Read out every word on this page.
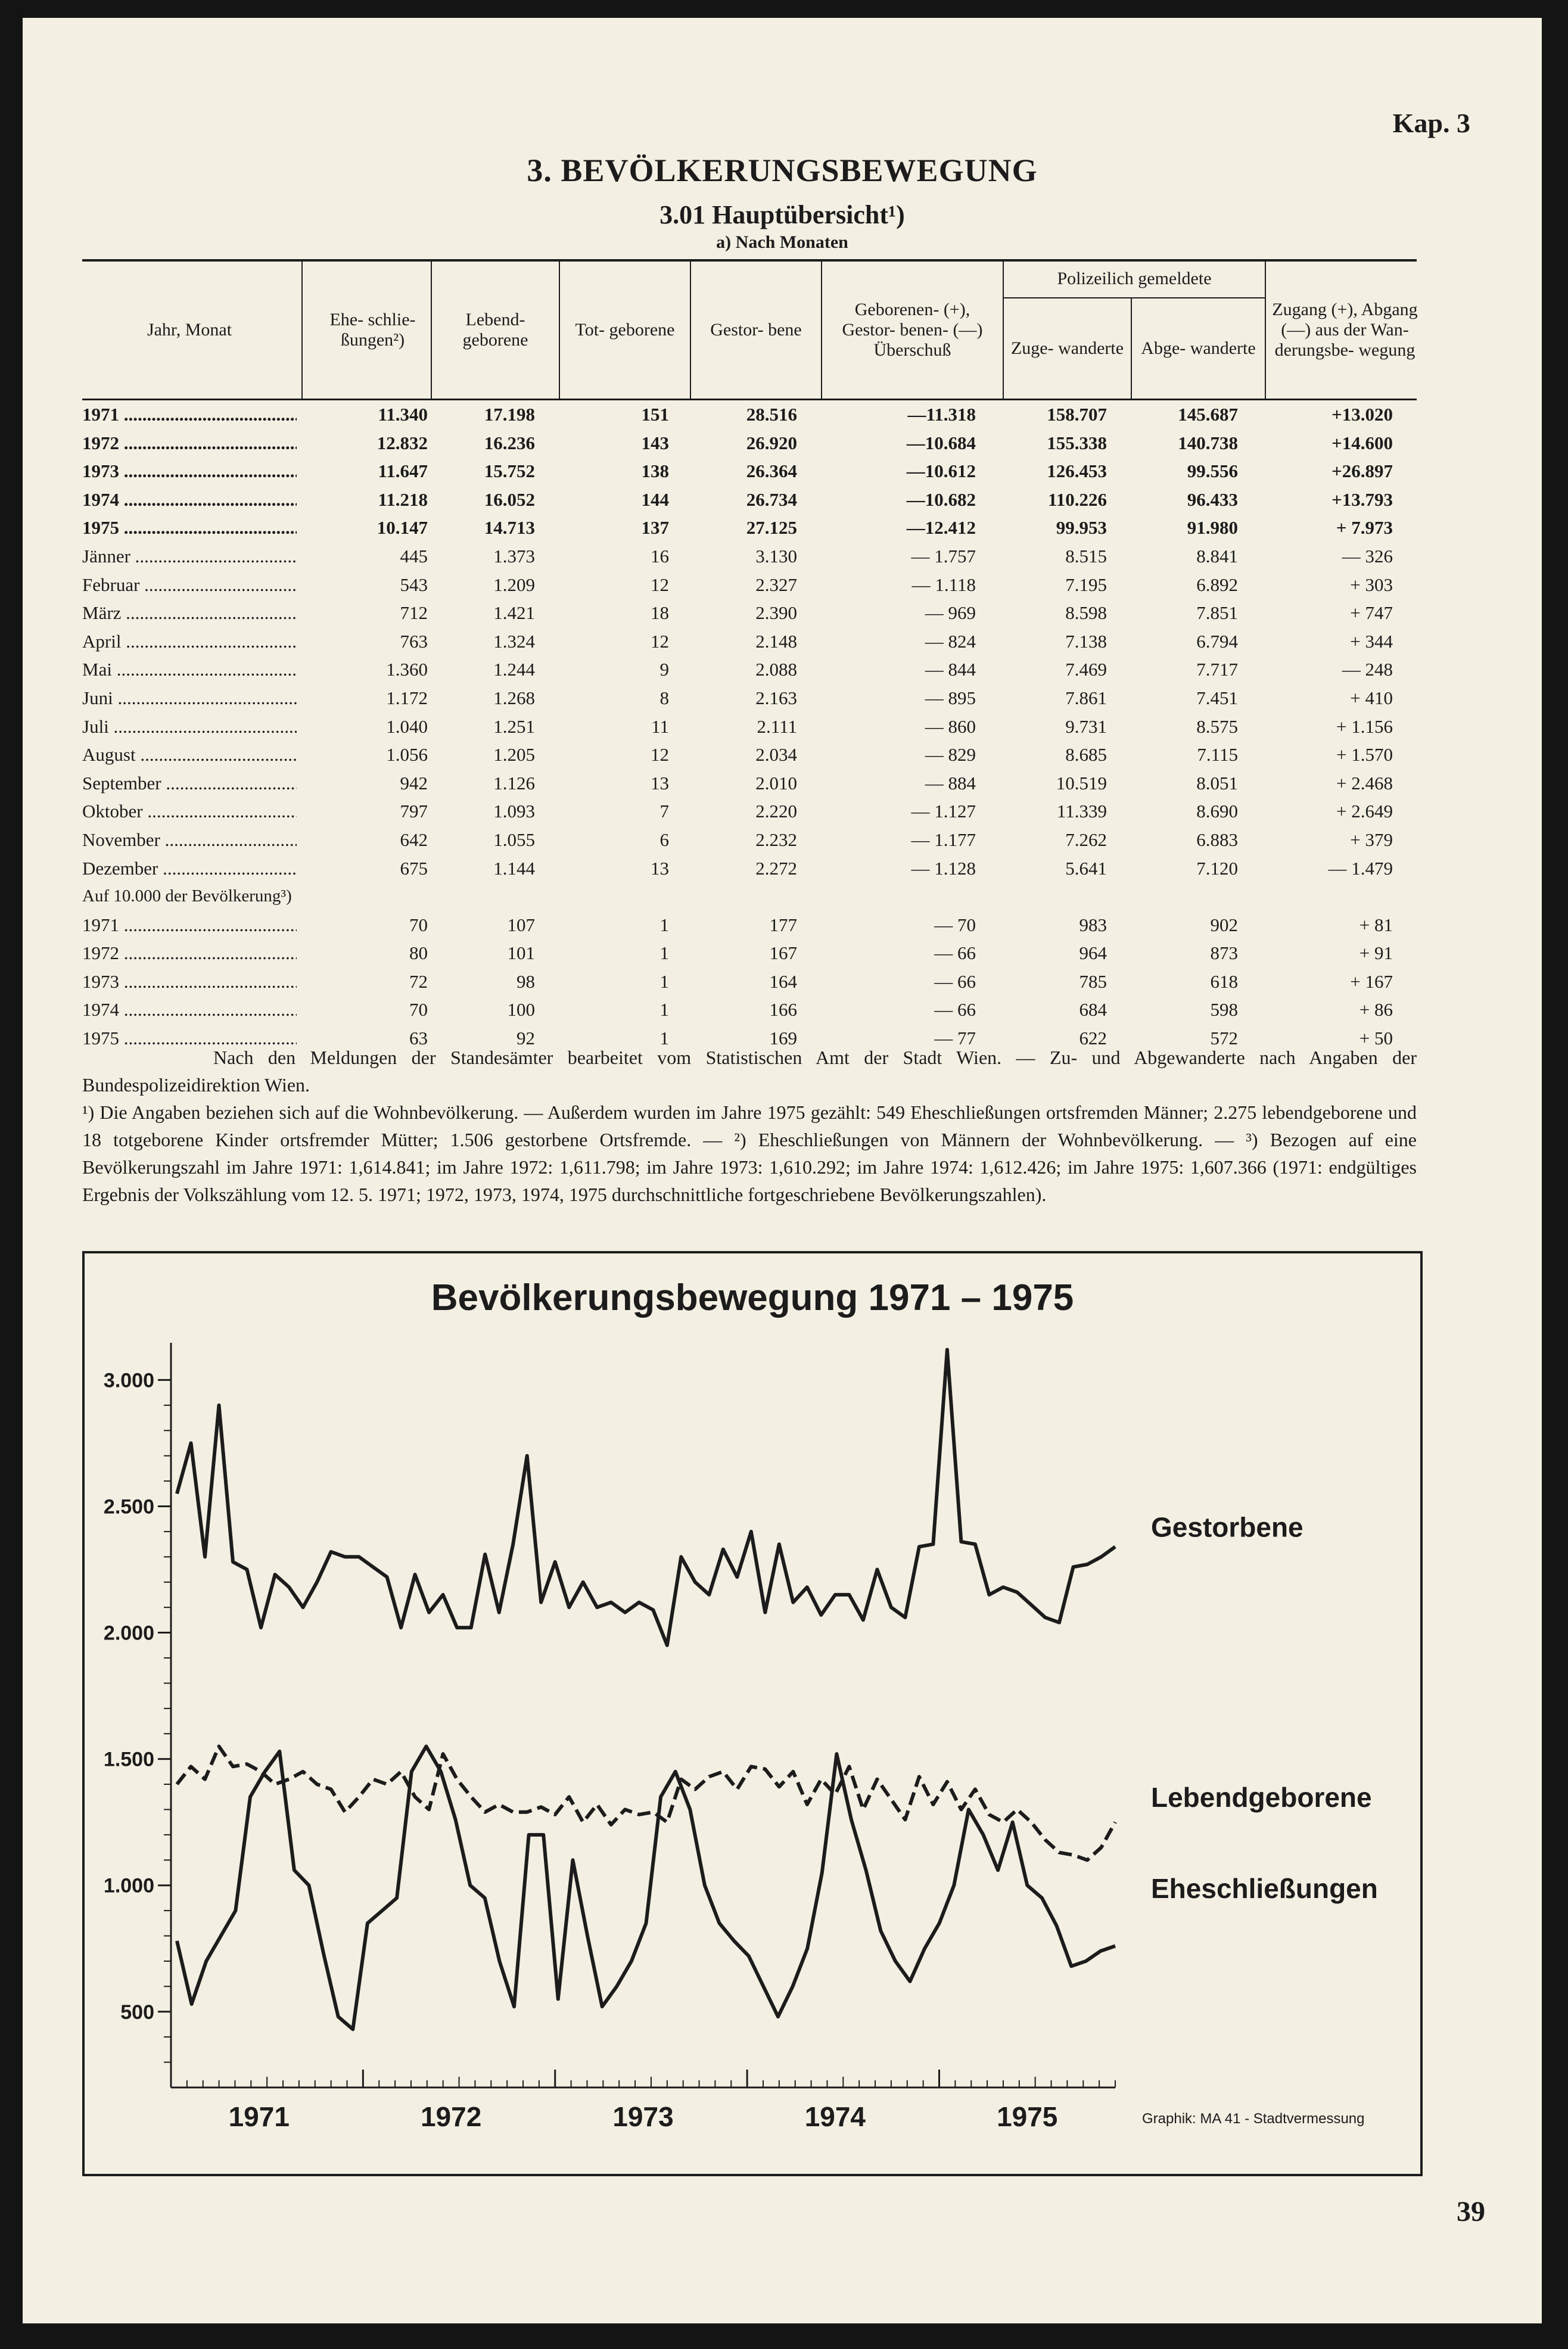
Kap. 3
3. BEVÖLKERUNGSBEWEGUNG
3.01 Hauptübersicht¹)
a) Nach Monaten
Jahr, Monat
Ehe- schlie- ßungen²)
Lebend- geborene
Tot- geborene	Gestor- bene
Geborenen- (+), Gestor- benen- (—) Überschuß
Polizeilich gemeldete
Zuge- wanderte Abge- wanderte
Zugang (+), Abgang (—) aus der Wan- derungsbe- wegung
1971 .....	11.340	17.198	151	28.516	—11.318	158.707	145.687	+13.020
1972 .....	12.832	16.236	143	26.920	—10.684	155.338	140.738	+14.600
1973 .....	11.647	15.752	138	26.364	—10.612	126.453	99.556	+26.897
1974 .....	11.218	16.052	144	26.734	—10.682	110.226	96.433	+13.793
1975 .....	10.147	14.713	137	27.125	—12.412	99.953	91.980	+ 7.973
Jänner .....	445	1.373	16	3.130	— 1.757	8.515	8.841	— 326
Februar .....	543	1.209	12	2.327	— 1.118	7.195	6.892	+ 303
März .....	712	1.421	18	2.390	— 969	8.598	7.851	+ 747
April .....	763	1.324	12	2.148	— 824	7.138	6.794	+ 344
Mai .....	1.360	1.244	9	2.088	— 844	7.469	7.717	— 248
Juni .....	1.172	1.268	8	2.163	— 895	7.861	7.451	+ 410
Juli .....	1.040	1.251	11	2.111	— 860	9.731	8.575	+ 1.156
August .....	1.056	1.205	12	2.034	— 829	8.685	7.115	+ 1.570
September .....	942	1.126	13	2.010	— 884	10.519	8.051	+ 2.468
Oktober .....	797	1.093	7	2.220	— 1.127	11.339	8.690	+ 2.649
November .....	642	1.055	6	2.232	— 1.177	7.262	6.883	+ 379
Dezember .....	675	1.144	13	2.272	— 1.128	5.641	7.120	— 1.479
Auf 10.000 der Bevölkerung³)
1971 .....	70	107	1	177	— 70	983	902	+ 81
1972 .....	80	101	1	167	— 66	964	873	+ 91
1973 .....	72	98	1	164	— 66	785	618	+ 167
1974 .....	70	100	1	166	— 66	684	598	+ 86
1975 .....	63	92	1	169	— 77	622	572	+ 50

Nach den Meldungen der Standesämter bearbeitet vom Statistischen Amt der Stadt Wien. — Zu- und Abgewanderte nach Angaben der Bundespolizeidirektion Wien.

¹) Die Angaben beziehen sich auf die Wohnbevölkerung. — Außerdem wurden im Jahre 1975 gezählt: 549 Eheschließungen ortsfremden Männer; 2.275 lebendgeborene und 18 totgeborene Kinder ortsfremder Mütter; 1.506 gestorbene Ortsfremde. — ²) Eheschließungen von Männern der Wohnbevölkerung. — ³) Bezogen auf eine Bevölkerungszahl im Jahre 1971: 1,614.841; im Jahre 1972: 1,611.798; im Jahre 1973: 1,610.292; im Jahre 1974: 1,612.426; im Jahre 1975: 1,607.366 (1971: endgültiges Ergebnis der Volkszählung vom 12. 5. 1971; 1972, 1973, 1974, 1975 durchschnittliche fortgeschriebene Bevölkerungszahlen).

Bevölkerungsbewegung 1971 – 1975
500
1.000
1.500
2.000
2.500
3.000
1971	1972	1973	1974	1975
Gestorbene
Lebendgeborene
Eheschließungen
Graphik: MA 41 - Stadtvermessung
39
